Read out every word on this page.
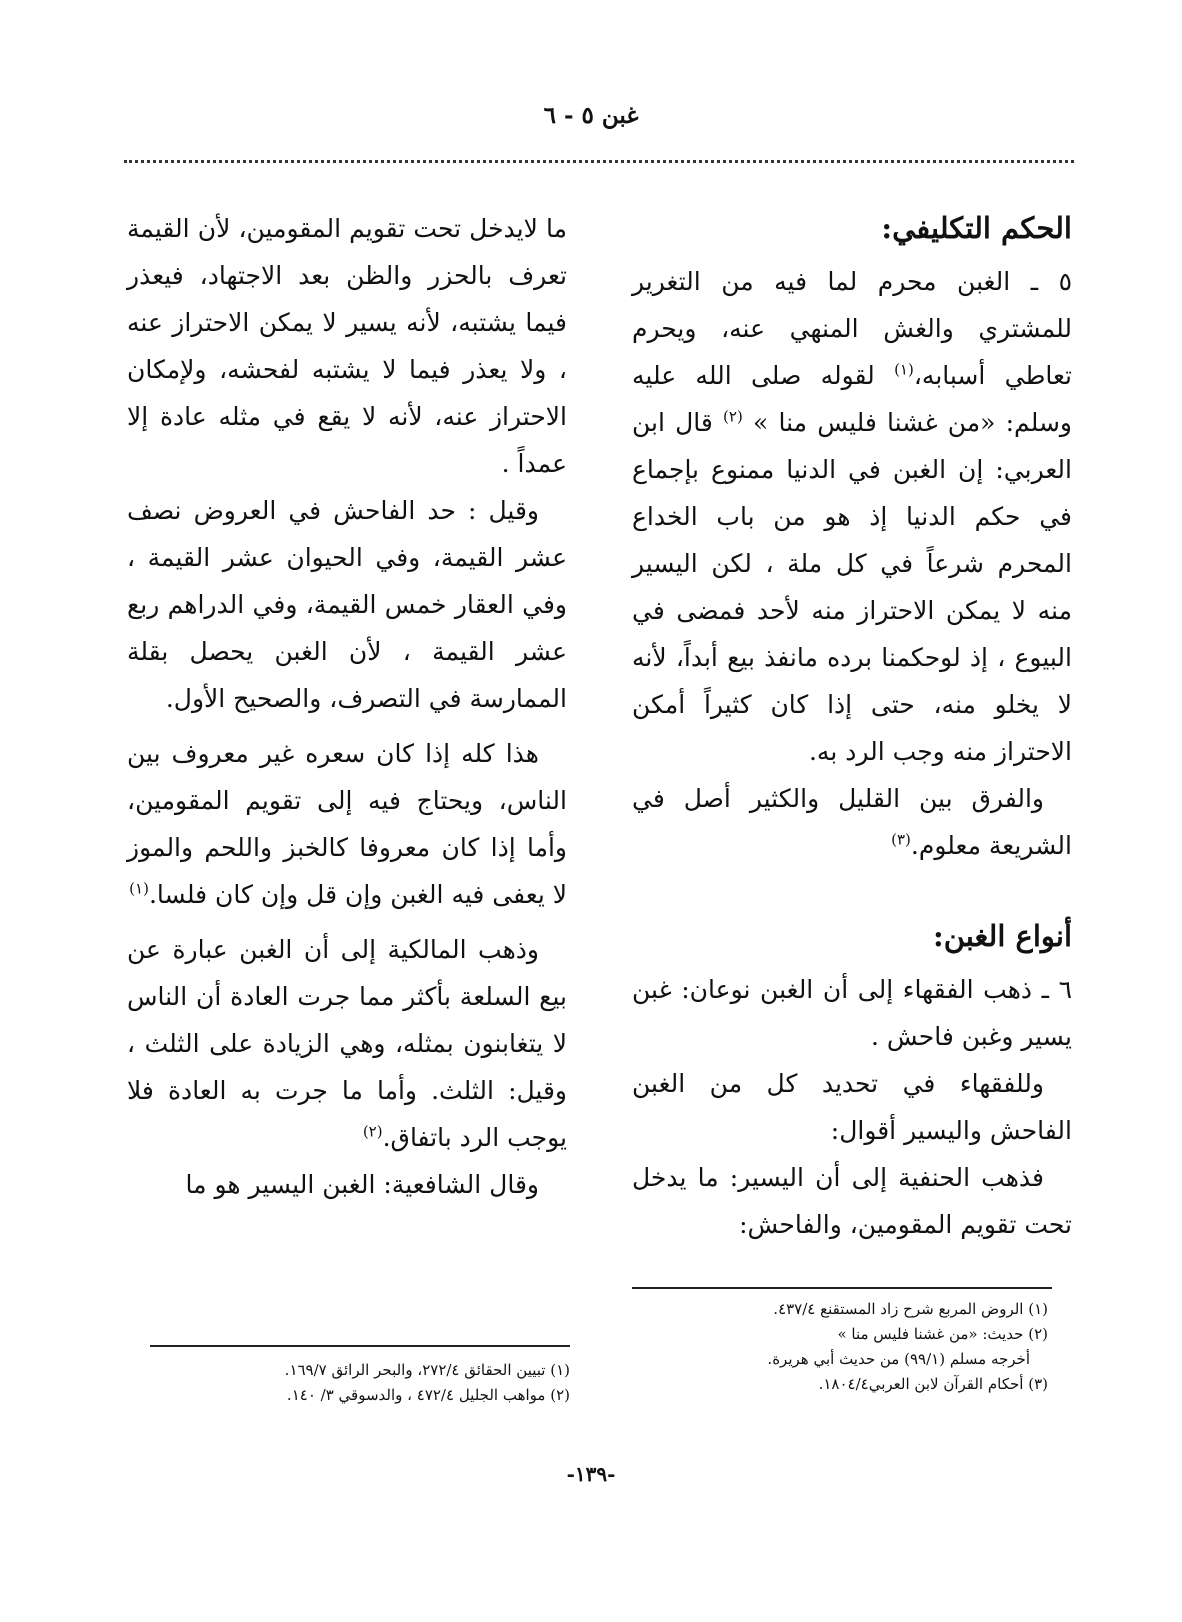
غبن ٥ - ٦
الحكم التكليفي:

٥ ـ الغبن محرم لما فيه من التغرير للمشتري والغش المنهي عنه، ويحرم تعاطي أسبابه،$^{(١)}$ لقوله صلى الله عليه وسلم: «من غشنا فليس منا » $^{(٢)}$ قال ابن العربي: إن الغبن في الدنيا ممنوع بإجماع في حكم الدنيا إذ هو من باب الخداع المحرم شرعاً في كل ملة ، لكن اليسير منه لا يمكن الاحتراز منه لأحد فمضى في البيوع ، إذ لوحكمنا برده مانفذ بيع أبداً، لأنه لا يخلو منه، حتى إذا كان كثيراً أمكن الاحتراز منه وجب الرد به.

والفرق بين القليل والكثير أصل في الشريعة معلوم.$^{(٣)}$

أنواع الغبن:

٦ ـ ذهب الفقهاء إلى أن الغبن نوعان: غبن يسير وغبن فاحش .

وللفقهاء في تحديد كل من الغبن الفاحش واليسير أقوال:

فذهب الحنفية إلى أن اليسير: ما يدخل تحت تقويم المقومين، والفاحش:

ما لايدخل تحت تقويم المقومين، لأن القيمة تعرف بالحزر والظن بعد الاجتهاد، فيعذر فيما يشتبه، لأنه يسير لا يمكن الاحتراز عنه ، ولا يعذر فيما لا يشتبه لفحشه، ولإمكان الاحتراز عنه، لأنه لا يقع في مثله عادة إلا عمداً .

وقيل : حد الفاحش في العروض نصف عشر القيمة، وفي الحيوان عشر القيمة ، وفي العقار خمس القيمة، وفي الدراهم ربع عشر القيمة ، لأن الغبن يحصل بقلة الممارسة في التصرف، والصحيح الأول.

هذا كله إذا كان سعره غير معروف بين الناس، ويحتاج فيه إلى تقويم المقومين، وأما إذا كان معروفا كالخبز واللحم والموز لا يعفى فيه الغبن وإن قل وإن كان فلسا.$^{(١)}$

وذهب المالكية إلى أن الغبن عبارة عن بيع السلعة بأكثر مما جرت العادة أن الناس لا يتغابنون بمثله، وهي الزيادة على الثلث ، وقيل: الثلث. وأما ما جرت به العادة فلا يوجب الرد باتفاق.$^{(٢)}$

وقال الشافعية: الغبن اليسير هو ما

(١) الروض المربع شرح زاد المستقنع ٤٣٧/٤.
(٢) حديث: «من غشنا فليس منا »
أخرجه مسلم (٩٩/١) من حديث أبي هريرة.
(٣) أحكام القرآن لابن العربي١٨٠٤/٤.
(١) تبيين الحقائق ٢٧٢/٤، والبحر الرائق ١٦٩/٧.
(٢) مواهب الجليل ٤٧٢/٤ ، والدسوقي ٣/ ١٤٠.
-١٣٩-
